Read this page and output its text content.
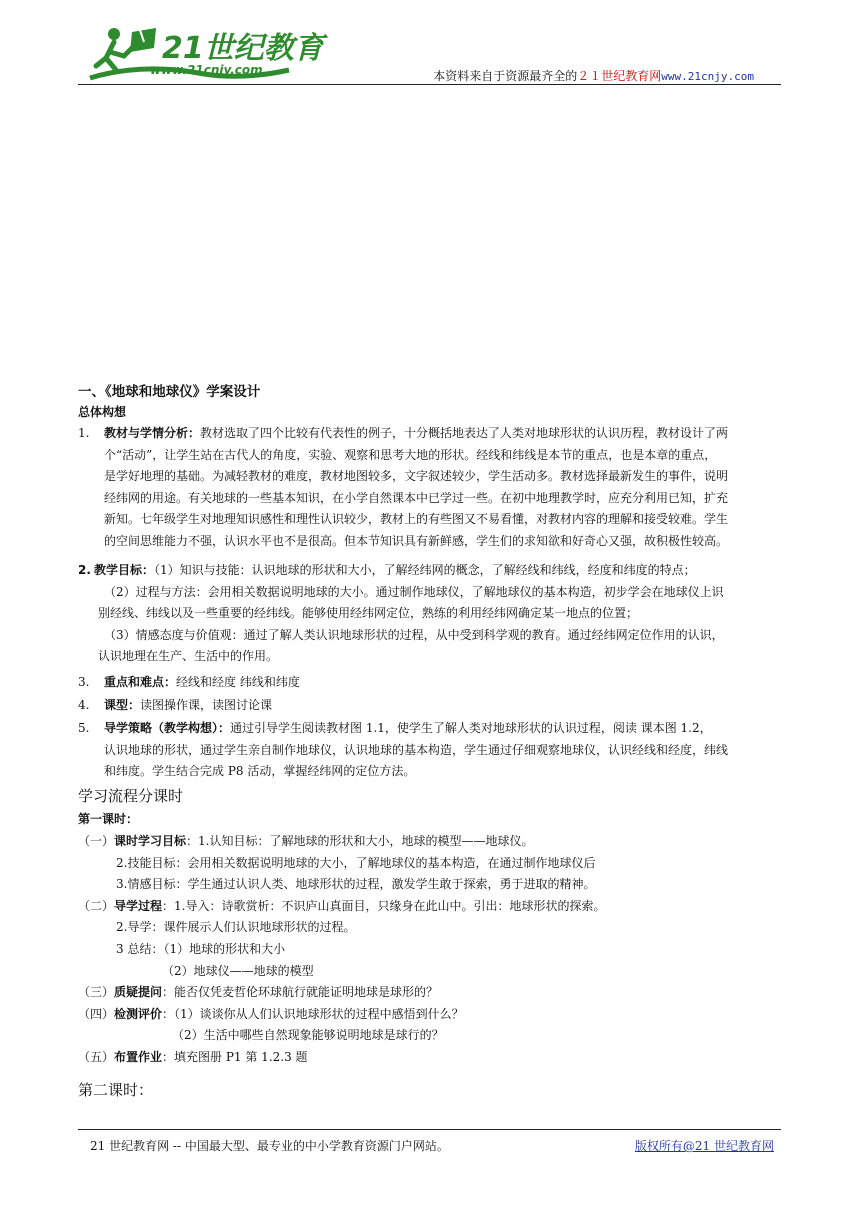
21世纪教育
www.21cnjy.com	本资料来自于资源最齐全的２１世纪教育网www.21cnjy.com
一、《地球和地球仪》学案设计
总体构想
1. 教材与学情分析：教材选取了四个比较有代表性的例子，十分概括地表达了人类对地球形状的认识历程，教材设计了两
个“活动”，让学生站在古代人的角度，实验、观察和思考大地的形状。经线和纬线是本节的重点，也是本章的重点，
是学好地理的基础。为减轻教材的难度，教材地图较多，文字叙述较少，学生活动多。教材选择最新发生的事件，说明
经纬网的用途。有关地球的一些基本知识，在小学自然课本中已学过一些。在初中地理教学时，应充分利用已知，扩充
新知。七年级学生对地理知识感性和理性认识较少，教材上的有些图又不易看懂，对教材内容的理解和接受较难。学生
的空间思维能力不强，认识水平也不是很高。但本节知识具有新鲜感，学生们的求知欲和好奇心又强，故积极性较高。
2. 教学目标：（1）知识与技能：认识地球的形状和大小，了解经纬网的概念，了解经线和纬线，经度和纬度的特点；
（2）过程与方法：会用相关数据说明地球的大小。通过制作地球仪，了解地球仪的基本构造，初步学会在地球仪上识
别经线、纬线以及一些重要的经纬线。能够使用经纬网定位，熟练的利用经纬网确定某一地点的位置；
（3）情感态度与价值观：通过了解人类认识地球形状的过程，从中受到科学观的教育。通过经纬网定位作用的认识，
认识地理在生产、生活中的作用。
3. 重点和难点：经线和经度 纬线和纬度
4. 课型：读图操作课，读图讨论课
5. 导学策略（教学构想）：通过引导学生阅读教材图 1.1，使学生了解人类对地球形状的认识过程，阅读 课本图 1.2，
认识地球的形状，通过学生亲自制作地球仪，认识地球的基本构造，学生通过仔细观察地球仪，认识经线和经度，纬线
和纬度。学生结合完成 P8 活动，掌握经纬网的定位方法。
学习流程分课时
第一课时：
（一）课时学习目标：1.认知目标：了解地球的形状和大小，地球的模型——地球仪。
2.技能目标：会用相关数据说明地球的大小，了解地球仪的基本构造，在通过制作地球仪后
3.情感目标：学生通过认识人类、地球形状的过程，激发学生敢于探索，勇于进取的精神。
（二）导学过程：1.导入：诗歌赏析：不识庐山真面目，只缘身在此山中。引出：地球形状的探索。
2.导学：课件展示人们认识地球形状的过程。
3 总结：（1）地球的形状和大小
（2）地球仪——地球的模型
（三）质疑提问：能否仅凭麦哲伦环球航行就能证明地球是球形的？
（四）检测评价：（1）谈谈你从人们认识地球形状的过程中感悟到什么？
（2）生活中哪些自然现象能够说明地球是球行的？
（五）布置作业：填充图册 P1 第 1.2.3 题
第二课时：
21 世纪教育网 -- 中国最大型、最专业的中小学教育资源门户网站。	版权所有@21 世纪教育网
